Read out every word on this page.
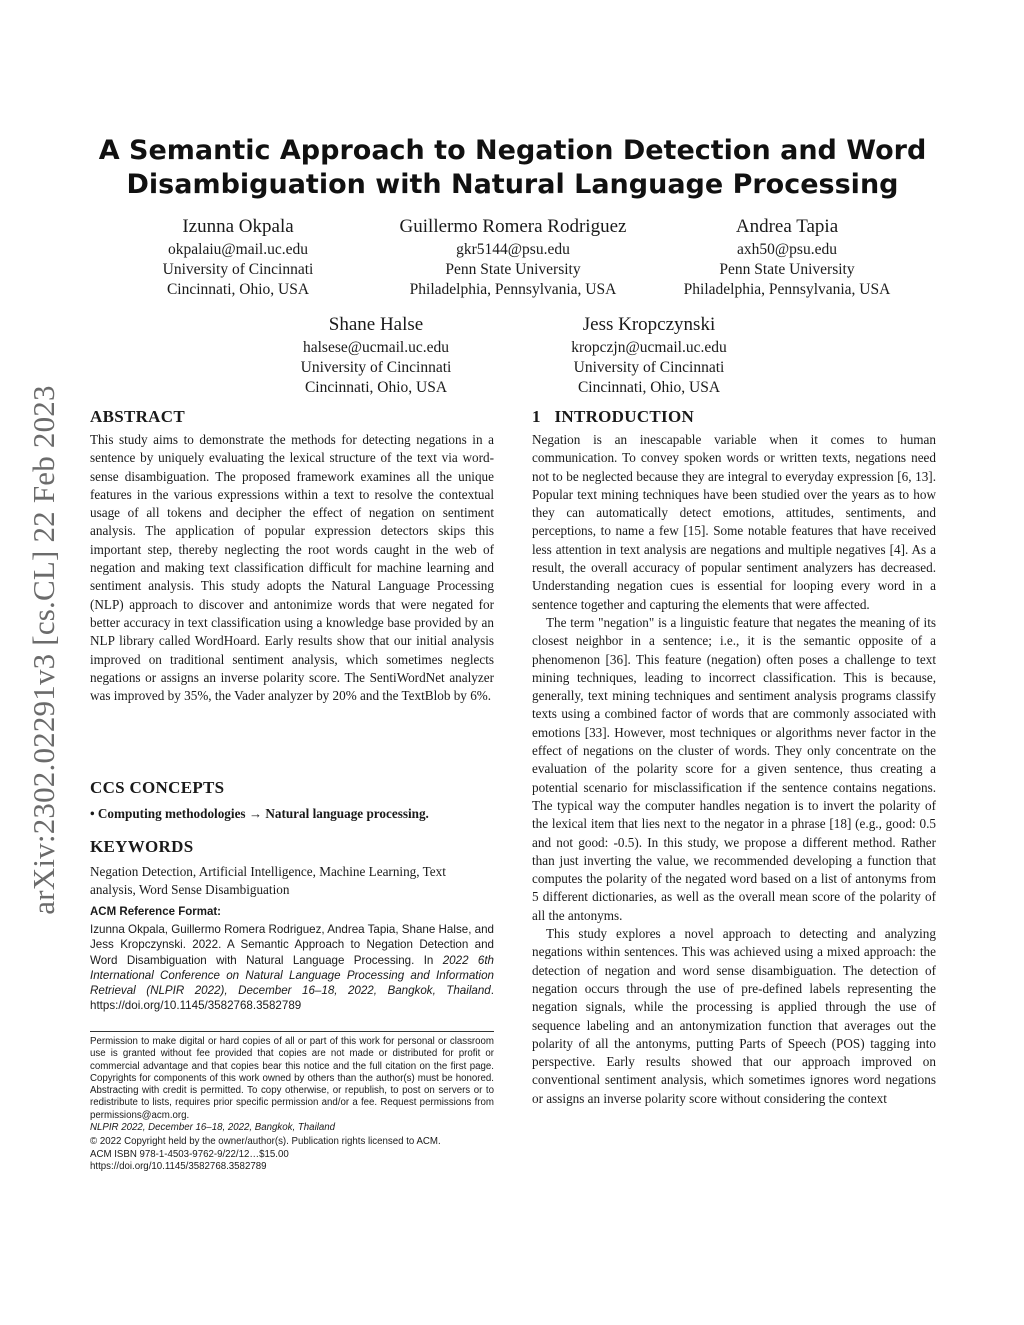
arXiv:2302.02291v3 [cs.CL] 22 Feb 2023
A Semantic Approach to Negation Detection and Word
Disambiguation with Natural Language Processing
Izunna Okpala
okpalaiu@mail.uc.edu
University of Cincinnati
Cincinnati, Ohio, USA
Guillermo Romera Rodriguez
gkr5144@psu.edu
Penn State University
Philadelphia, Pennsylvania, USA
Andrea Tapia
axh50@psu.edu
Penn State University
Philadelphia, Pennsylvania, USA
Shane Halse
halsese@ucmail.uc.edu
University of Cincinnati
Cincinnati, Ohio, USA
Jess Kropczynski
kropczjn@ucmail.uc.edu
University of Cincinnati
Cincinnati, Ohio, USA
ABSTRACT

This study aims to demonstrate the methods for detecting negations in a sentence by uniquely evaluating the lexical structure of the text via word-sense disambiguation. The proposed framework examines all the unique features in the various expressions within a text to resolve the contextual usage of all tokens and decipher the effect of negation on sentiment analysis. The application of popular expression detectors skips this important step, thereby neglecting the root words caught in the web of negation and making text classification difficult for machine learning and sentiment analysis. This study adopts the Natural Language Processing (NLP) approach to discover and antonimize words that were negated for better accuracy in text classification using a knowledge base provided by an NLP library called WordHoard. Early results show that our initial analysis improved on traditional sentiment analysis, which sometimes neglects negations or assigns an inverse polarity score. The SentiWordNet analyzer was improved by 35%, the Vader analyzer by 20% and the TextBlob by 6%.

CCS CONCEPTS
• Computing methodologies → Natural language processing.
KEYWORDS

Negation Detection, Artificial Intelligence, Machine Learning, Text analysis, Word Sense Disambiguation

ACM Reference Format:

Izunna Okpala, Guillermo Romera Rodriguez, Andrea Tapia, Shane Halse, and Jess Kropczynski. 2022. A Semantic Approach to Negation Detection and Word Disambiguation with Natural Language Processing. In 2022 6th International Conference on Natural Language Processing and Information Retrieval (NLPIR 2022), December 16–18, 2022, Bangkok, Thailand. https://doi.org/10.1145/3582768.3582789

Permission to make digital or hard copies of all or part of this work for personal or classroom use is granted without fee provided that copies are not made or distributed for profit or commercial advantage and that copies bear this notice and the full citation on the first page. Copyrights for components of this work owned by others than the author(s) must be honored. Abstracting with credit is permitted. To copy otherwise, or republish, to post on servers or to redistribute to lists, requires prior specific permission and/or a fee. Request permissions from permissions@acm.org.

NLPIR 2022, December 16–18, 2022, Bangkok, Thailand

© 2022 Copyright held by the owner/author(s). Publication rights licensed to ACM.
ACM ISBN 978-1-4503-9762-9/22/12…$15.00
https://doi.org/10.1145/3582768.3582789

1   INTRODUCTION

Negation is an inescapable variable when it comes to human communication. To convey spoken words or written texts, negations need not to be neglected because they are integral to everyday expression [6, 13]. Popular text mining techniques have been studied over the years as to how they can automatically detect emotions, attitudes, sentiments, and perceptions, to name a few [15]. Some notable features that have received less attention in text analysis are negations and multiple negatives [4]. As a result, the overall accuracy of popular sentiment analyzers has decreased. Understanding negation cues is essential for looping every word in a sentence together and capturing the elements that were affected.

The term "negation" is a linguistic feature that negates the meaning of its closest neighbor in a sentence; i.e., it is the semantic opposite of a phenomenon [36]. This feature (negation) often poses a challenge to text mining techniques, leading to incorrect classification. This is because, generally, text mining techniques and sentiment analysis programs classify texts using a combined factor of words that are commonly associated with emotions [33]. However, most techniques or algorithms never factor in the effect of negations on the cluster of words. They only concentrate on the evaluation of the polarity score for a given sentence, thus creating a potential scenario for misclassification if the sentence contains negations. The typical way the computer handles negation is to invert the polarity of the lexical item that lies next to the negator in a phrase [18] (e.g., good: 0.5 and not good: -0.5). In this study, we propose a different method. Rather than just inverting the value, we recommended developing a function that computes the polarity of the negated word based on a list of antonyms from 5 different dictionaries, as well as the overall mean score of the polarity of all the antonyms.

This study explores a novel approach to detecting and analyzing negations within sentences. This was achieved using a mixed approach: the detection of negation and word sense disambiguation. The detection of negation occurs through the use of pre-defined labels representing the negation signals, while the processing is applied through the use of sequence labeling and an antonymization function that averages out the polarity of all the antonyms, putting Parts of Speech (POS) tagging into perspective. Early results showed that our approach improved on conventional sentiment analysis, which sometimes ignores word negations or assigns an inverse polarity score without considering the context
